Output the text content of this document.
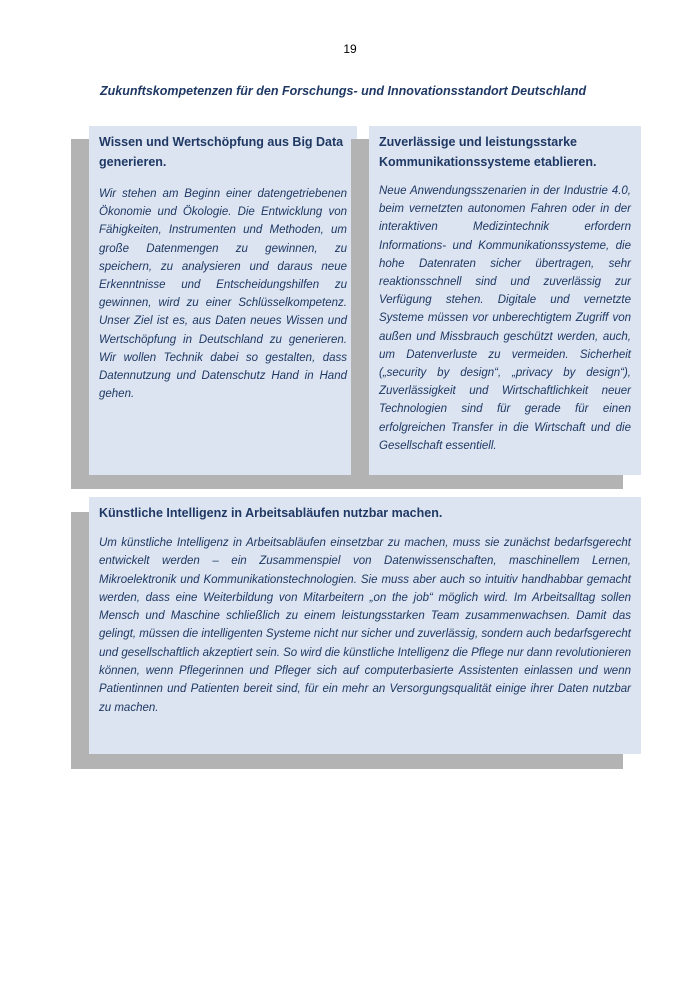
19
Zukunftskompetenzen für den Forschungs- und Innovationsstandort Deutschland

Wissen und Wertschöpfung aus Big Data generieren.

Wir stehen am Beginn einer datengetriebenen Ökonomie und Ökologie. Die Entwicklung von Fähigkeiten, Instrumenten und Methoden, um große Datenmengen zu gewinnen, zu speichern, zu analysieren und daraus neue Erkenntnisse und Entscheidungshilfen zu gewinnen, wird zu einer Schlüsselkompetenz. Unser Ziel ist es, aus Daten neues Wissen und Wertschöpfung in Deutschland zu generieren. Wir wollen Technik dabei so gestalten, dass Datennutzung und Datenschutz Hand in Hand gehen.

Zuverlässige und leistungsstarke Kommunikationssysteme etablieren.

Neue Anwendungsszenarien in der Industrie 4.0, beim vernetzten autonomen Fahren oder in der interaktiven Medizintechnik erfordern Informations- und Kommunikationssysteme, die hohe Datenraten sicher übertragen, sehr reaktionsschnell sind und zuverlässig zur Verfügung stehen. Digitale und vernetzte Systeme müssen vor unberechtigtem Zugriff von außen und Missbrauch geschützt werden, auch, um Datenverluste zu vermeiden. Sicherheit („security by design“, „privacy by design“), Zuverlässigkeit und Wirtschaftlichkeit neuer Technologien sind für gerade für einen erfolgreichen Transfer in die Wirtschaft und die Gesellschaft essentiell.

Künstliche Intelligenz in Arbeitsabläufen nutzbar machen.

Um künstliche Intelligenz in Arbeitsabläufen einsetzbar zu machen, muss sie zunächst bedarfsgerecht entwickelt werden – ein Zusammenspiel von Datenwissenschaften, maschinellem Lernen, Mikroelektronik und Kommunikationstechnologien. Sie muss aber auch so intuitiv handhabbar gemacht werden, dass eine Weiterbildung von Mitarbeitern „on the job“ möglich wird. Im Arbeitsalltag sollen Mensch und Maschine schließlich zu einem leistungsstarken Team zusammenwachsen. Damit das gelingt, müssen die intelligenten Systeme nicht nur sicher und zuverlässig, sondern auch bedarfsgerecht und gesellschaftlich akzeptiert sein. So wird die künstliche Intelligenz die Pflege nur dann revolutionieren können, wenn Pflegerinnen und Pfleger sich auf computerbasierte Assistenten einlassen und wenn Patientinnen und Patienten bereit sind, für ein mehr an Versorgungsqualität einige ihrer Daten nutzbar zu machen.
